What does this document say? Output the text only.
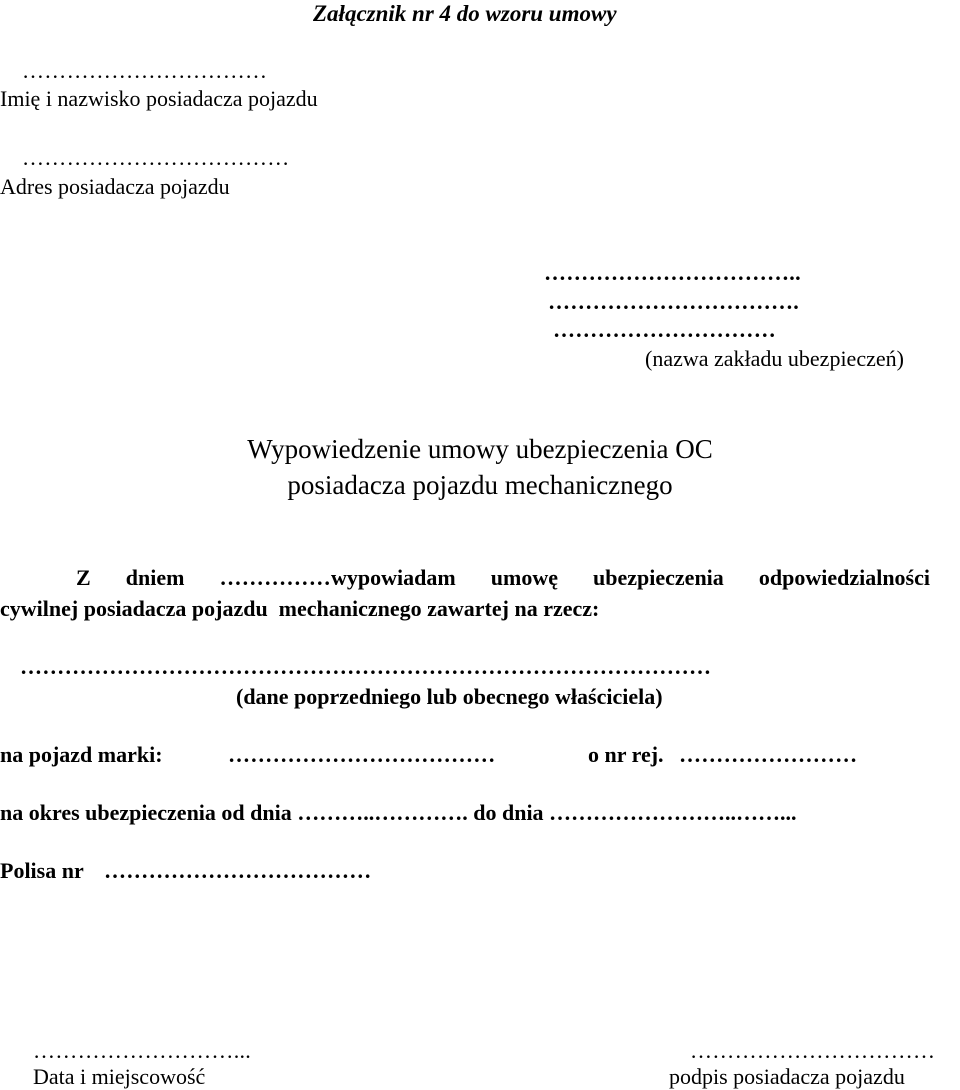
Załącznik nr 4 do wzoru umowy
……………………………
Imię i nazwisko posiadacza pojazdu
………………………………
Adres posiadacza pojazdu
……………………………..
…………………………….
…………………………
(nazwa zakładu ubezpieczeń)
Wypowiedzenie umowy ubezpieczenia OC
posiadacza pojazdu mechanicznego
Z dniem ……………wypowiadam umowę ubezpieczenia odpowiedzialności
cywilnej posiadacza pojazdu  mechanicznego zawartej na rzecz:
…………………………………………………………………………………
(dane poprzedniego lub obecnego właściciela)
na pojazd marki:	………………………………	o nr rej. ……………………
na okres ubezpieczenia od dnia ………..…………. do dnia ……………………..……...
Polisa nr ………………………………
………………………...
Data i miejscowość
……………………………
podpis posiadacza pojazdu
